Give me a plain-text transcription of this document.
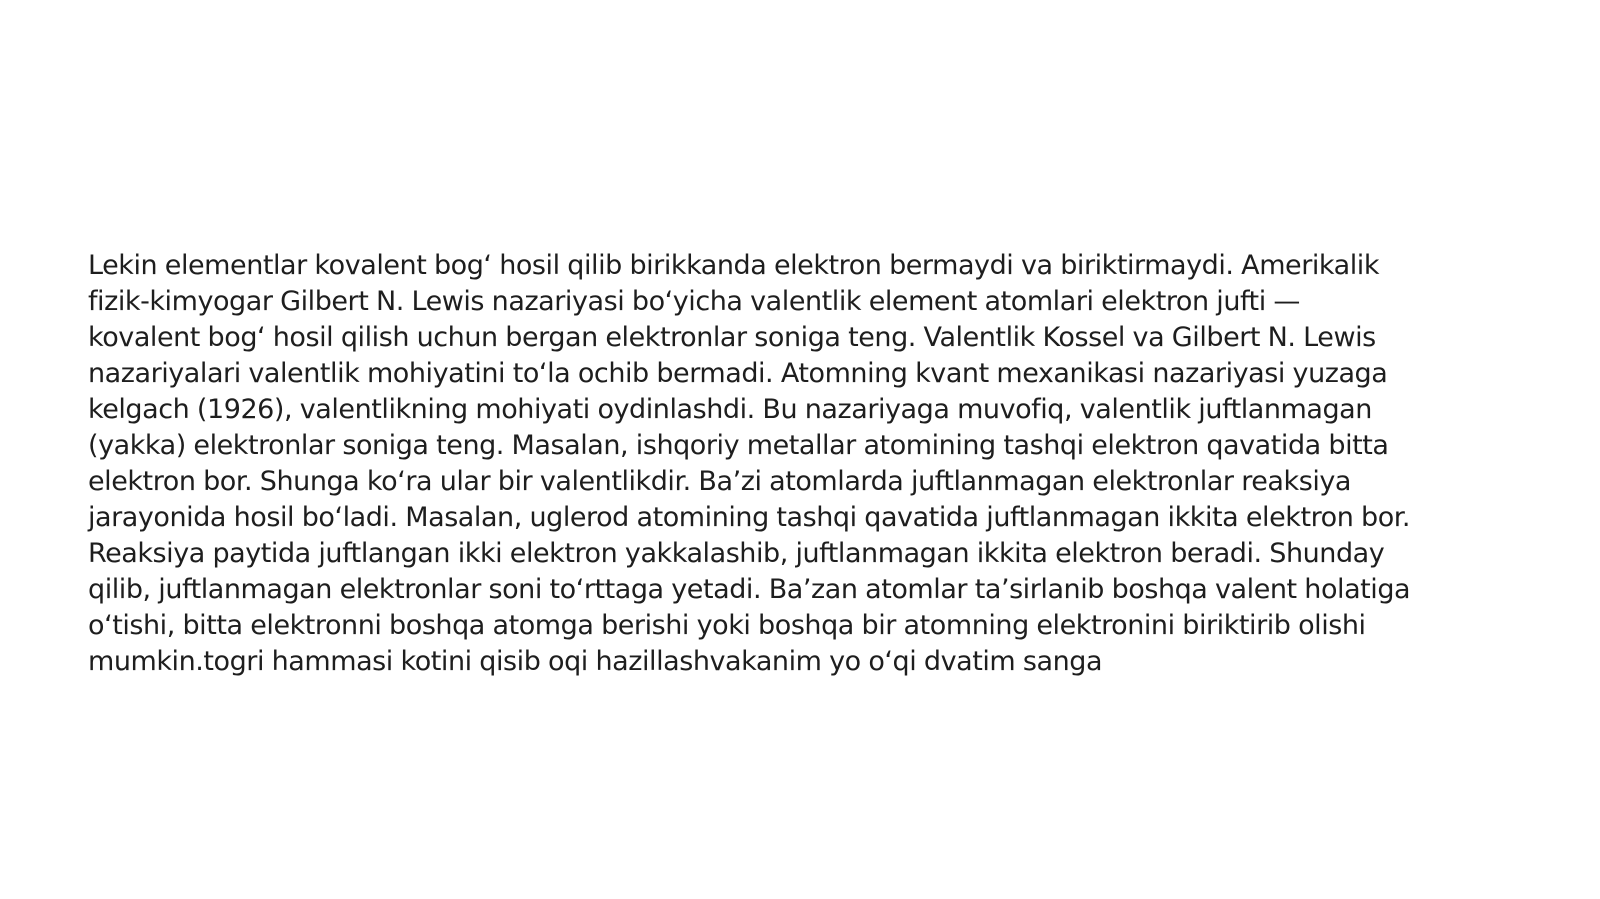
Lekin elementlar kovalent bog‘ hosil qilib birikkanda elektron bermaydi va biriktirmaydi. Amerikalik
fizik-kimyogar Gilbert N. Lewis nazariyasi bo‘yicha valentlik element atomlari elektron jufti —
kovalent bog‘ hosil qilish uchun bergan elektronlar soniga teng. Valentlik Kossel va Gilbert N. Lewis
nazariyalari valentlik mohiyatini to‘la ochib bermadi. Atomning kvant mexanikasi nazariyasi yuzaga
kelgach (1926), valentlikning mohiyati oydinlashdi. Bu nazariyaga muvofiq, valentlik juftlanmagan
(yakka) elektronlar soniga teng. Masalan, ishqoriy metallar atomining tashqi elektron qavatida bitta
elektron bor. Shunga ko‘ra ular bir valentlikdir. Ba’zi atomlarda juftlanmagan elektronlar reaksiya
jarayonida hosil bo‘ladi. Masalan, uglerod atomining tashqi qavatida juftlanmagan ikkita elektron bor.
Reaksiya paytida juftlangan ikki elektron yakkalashib, juftlanmagan ikkita elektron beradi. Shunday
qilib, juftlanmagan elektronlar soni to‘rttaga yetadi. Ba’zan atomlar ta’sirlanib boshqa valent holatiga
o‘tishi, bitta elektronni boshqa atomga berishi yoki boshqa bir atomning elektronini biriktirib olishi
mumkin.togri hammasi kotini qisib oqi hazillashvakanim yo o‘qi dvatim sanga
